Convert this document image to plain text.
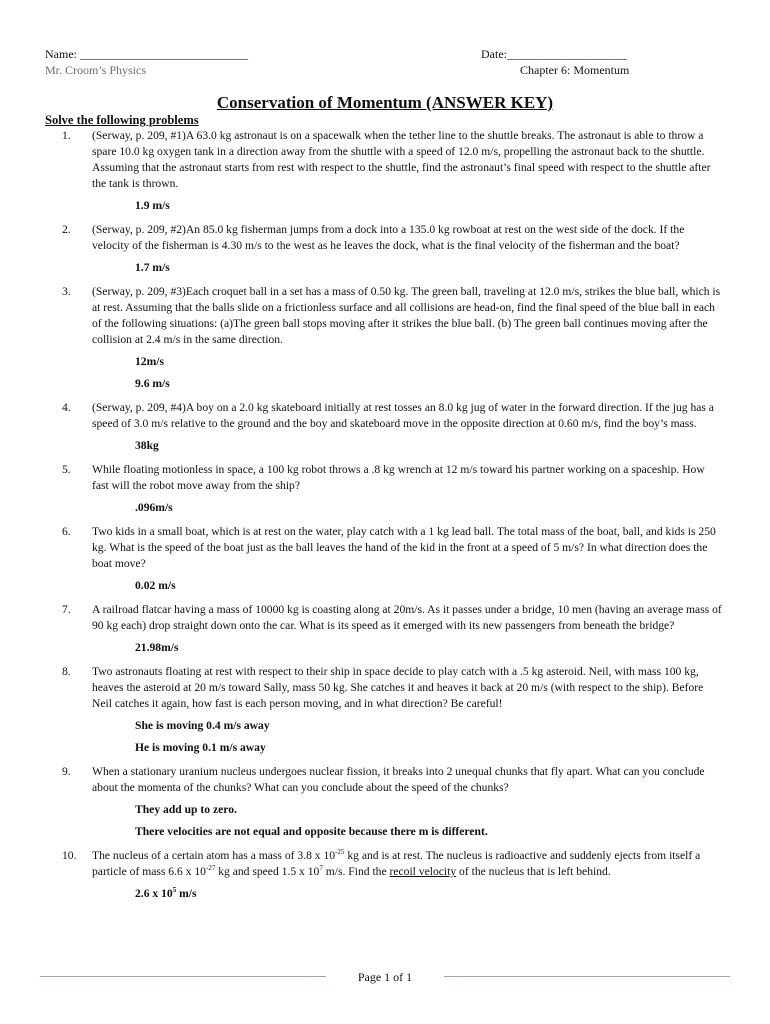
Name: ____________________________
Mr. Croom’s Physics
Date:____________________
Chapter 6: Momentum
Conservation of Momentum (ANSWER KEY)
Solve the following problems
1.	(Serway, p. 209, #1)A 63.0 kg astronaut is on a spacewalk when the tether line to the shuttle breaks. The astronaut is able to throw a spare 10.0 kg oxygen tank in a direction away from the shuttle with a speed of 12.0 m/s, propelling the astronaut back to the shuttle. Assuming that the astronaut starts from rest with respect to the shuttle, find the astronaut’s final speed with respect to the shuttle after the tank is thrown.
1.9 m/s
2.	(Serway, p. 209, #2)An 85.0 kg fisherman jumps from a dock into a 135.0 kg rowboat at rest on the west side of the dock. If the velocity of the fisherman is 4.30 m/s to the west as he leaves the dock, what is the final velocity of the fisherman and the boat?
1.7 m/s
3.	(Serway, p. 209, #3)Each croquet ball in a set has a mass of 0.50 kg. The green ball, traveling at 12.0 m/s, strikes the blue ball, which is at rest. Assuming that the balls slide on a frictionless surface and all collisions are head-on, find the final speed of the blue ball in each of the following situations: (a)The green ball stops moving after it strikes the blue ball. (b) The green ball continues moving after the collision at 2.4 m/s in the same direction.
12m/s
9.6 m/s
4.	(Serway, p. 209, #4)A boy on a 2.0 kg skateboard initially at rest tosses an 8.0 kg jug of water in the forward direction. If the jug has a speed of 3.0 m/s relative to the ground and the boy and skateboard move in the opposite direction at 0.60 m/s, find the boy’s mass.
38kg
5.	While floating motionless in space, a 100 kg robot throws a .8 kg wrench at 12 m/s toward his partner working on a spaceship. How fast will the robot move away from the ship?
.096m/s
6.	Two kids in a small boat, which is at rest on the water, play catch with a 1 kg lead ball. The total mass of the boat, ball, and kids is 250 kg. What is the speed of the boat just as the ball leaves the hand of the kid in the front at a speed of 5 m/s? In what direction does the boat move?
0.02 m/s
7.	A railroad flatcar having a mass of 10000 kg is coasting along at 20m/s. As it passes under a bridge, 10 men (having an average mass of 90 kg each) drop straight down onto the car. What is its speed as it emerged with its new passengers from beneath the bridge?
21.98m/s
8.	Two astronauts floating at rest with respect to their ship in space decide to play catch with a .5 kg asteroid. Neil, with mass 100 kg, heaves the asteroid at 20 m/s toward Sally, mass 50 kg. She catches it and heaves it back at 20 m/s (with respect to the ship). Before Neil catches it again, how fast is each person moving, and in what direction? Be careful!
She is moving 0.4 m/s away
He is moving 0.1 m/s away
9.	When a stationary uranium nucleus undergoes nuclear fission, it breaks into 2 unequal chunks that fly apart. What can you conclude about the momenta of the chunks? What can you conclude about the speed of the chunks?
They add up to zero.
There velocities are not equal and opposite because there m is different.
10.	The nucleus of a certain atom has a mass of 3.8 x $10^{-25}$ kg and is at rest. The nucleus is radioactive and suddenly ejects from itself a particle of mass 6.6 x $10^{-27}$ kg and speed 1.5 x $10^7$ m/s. Find the recoil velocity of the nucleus that is left behind.
2.6 x $10^5$ m/s
Page 1 of 1
